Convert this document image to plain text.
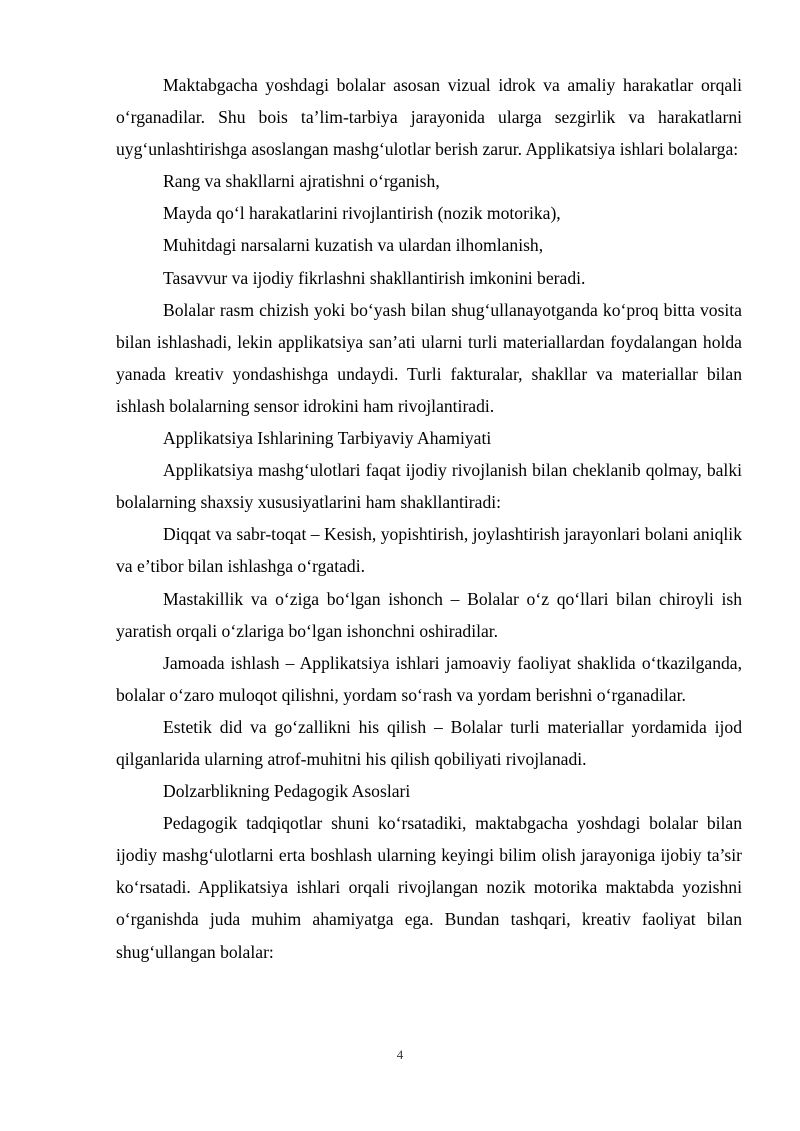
Maktabgacha yoshdagi bolalar asosan vizual idrok va amaliy harakatlar orqali o‘rganadilar. Shu bois ta’lim-tarbiya jarayonida ularga sezgirlik va harakatlarni uyg‘unlashtirishga asoslangan mashg‘ulotlar berish zarur. Applikatsiya ishlari bolalarga:

Rang va shakllarni ajratishni o‘rganish,

Mayda qo‘l harakatlarini rivojlantirish (nozik motorika),

Muhitdagi narsalarni kuzatish va ulardan ilhomlanish,

Tasavvur va ijodiy fikrlashni shakllantirish imkonini beradi.

Bolalar rasm chizish yoki bo‘yash bilan shug‘ullanayotganda ko‘proq bitta vosita bilan ishlashadi, lekin applikatsiya san’ati ularni turli materiallardan foydalangan holda yanada kreativ yondashishga undaydi. Turli fakturalar, shakllar va materiallar bilan ishlash bolalarning sensor idrokini ham rivojlantiradi.

Applikatsiya Ishlarining Tarbiyaviy Ahamiyati

Applikatsiya mashg‘ulotlari faqat ijodiy rivojlanish bilan cheklanib qolmay, balki bolalarning shaxsiy xususiyatlarini ham shakllantiradi:

Diqqat va sabr-toqat – Kesish, yopishtirish, joylashtirish jarayonlari bolani aniqlik va e’tibor bilan ishlashga o‘rgatadi.

Mastakillik va o‘ziga bo‘lgan ishonch – Bolalar o‘z qo‘llari bilan chiroyli ish yaratish orqali o‘zlariga bo‘lgan ishonchni oshiradilar.

Jamoada ishlash – Applikatsiya ishlari jamoaviy faoliyat shaklida o‘tkazilganda, bolalar o‘zaro muloqot qilishni, yordam so‘rash va yordam berishni o‘rganadilar.

Estetik did va go‘zallikni his qilish – Bolalar turli materiallar yordamida ijod qilganlarida ularning atrof-muhitni his qilish qobiliyati rivojlanadi.

Dolzarblikning Pedagogik Asoslari

Pedagogik tadqiqotlar shuni ko‘rsatadiki, maktabgacha yoshdagi bolalar bilan ijodiy mashg‘ulotlarni erta boshlash ularning keyingi bilim olish jarayoniga ijobiy ta’sir ko‘rsatadi. Applikatsiya ishlari orqali rivojlangan nozik motorika maktabda yozishni o‘rganishda juda muhim ahamiyatga ega. Bundan tashqari, kreativ faoliyat bilan shug‘ullangan bolalar:

4
